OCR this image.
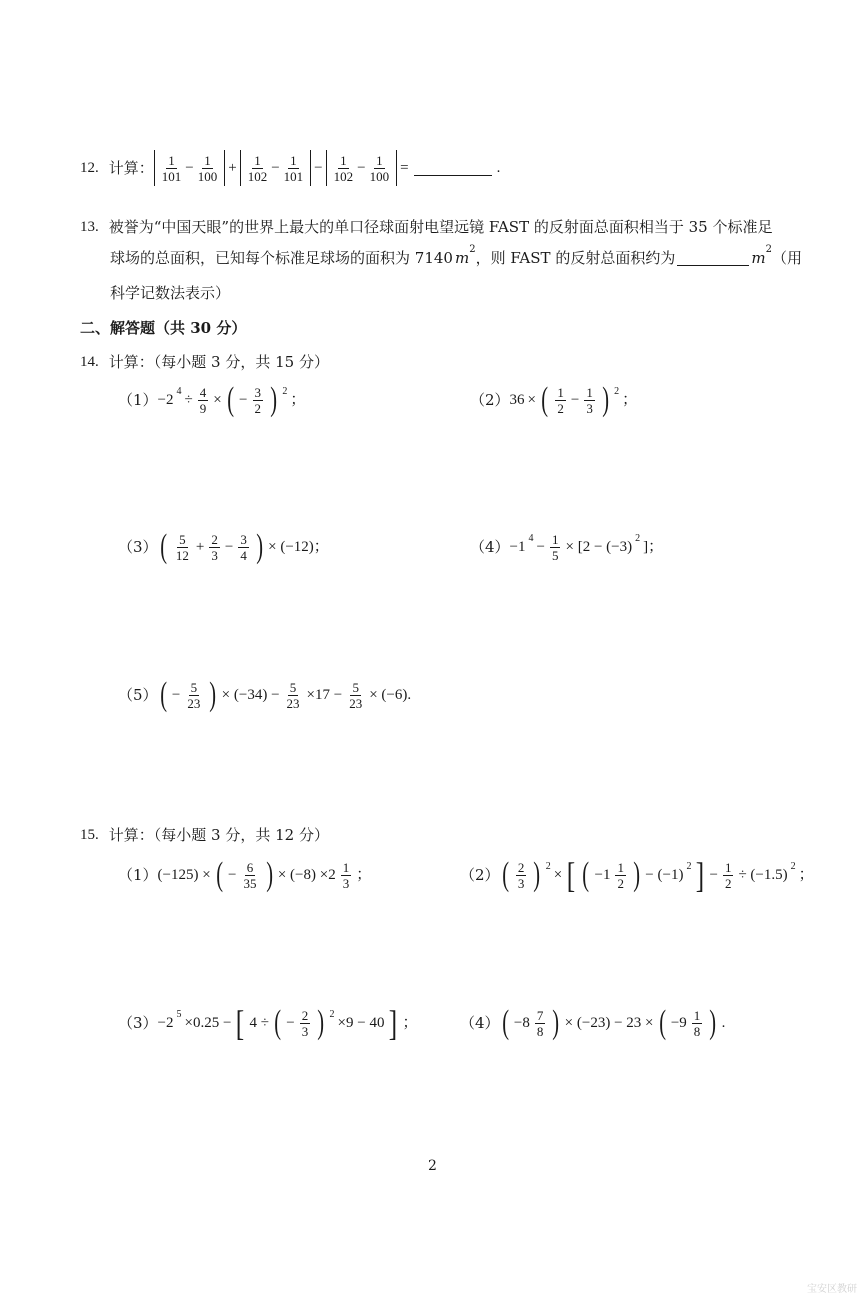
12. 计算： $\frac{1}{101} - \frac{1}{100} + \frac{1}{102} - \frac{1}{101} - \frac{1}{102} - \frac{1}{100}$ =	.
13. 被誉为“中国天眼”的世界上最大的单口径球面射电望远镜 FAST 的反射面总面积相当于 35 个标准足
球场的总面积，已知每个标准足球场的面积为 7140 m 2 ，则 FAST 的反射总面积约为	m 2 （用
科学记数法表示）
二、解答题（共 30 分）
14. 计算：（每小题 3 分，共 15 分）
（1） −2
4
÷ $\frac{4}{9}$ × ( − $\frac{3}{2}$ ) 2
；	（2） 36 × ( $\frac{1}{2} - \frac{1}{3}$ ) 2
；
（3） ( $\frac{5}{12} + \frac{2}{3} - \frac{3}{4}$ ) × (−12)；	（4） −1
4
− $\frac{1}{5} \times [2 - (-3)$
2
]；
（5） ( − $\frac{5}{23}$ ) × $(-34) - \frac{5}{23} \times 17 - \frac{5}{23} \times (-6)$.
15. 计算：（每小题 3 分，共 12 分）
（1） (−125) × ( − $\frac{6}{35}$ ) × $(-8) \times 2 \frac{1}{3}$ ；	（2） ( $\frac{2}{3}$ ) 2
× [ ( $-1 \frac{1}{2}$ ) − (−1)
2 ] − $\frac{1}{2} \div (-1.5)$
2
；
（3） −2
5
×0.25 − [ 4 ÷ ( − $\frac{2}{3}$ ) 2
×9 − 40 ] ；	（4） ( $-8 \frac{7}{8}$ ) × (−23) − 23 × ( $-9 \frac{1}{8}$ ) .
2
宝安区教研
